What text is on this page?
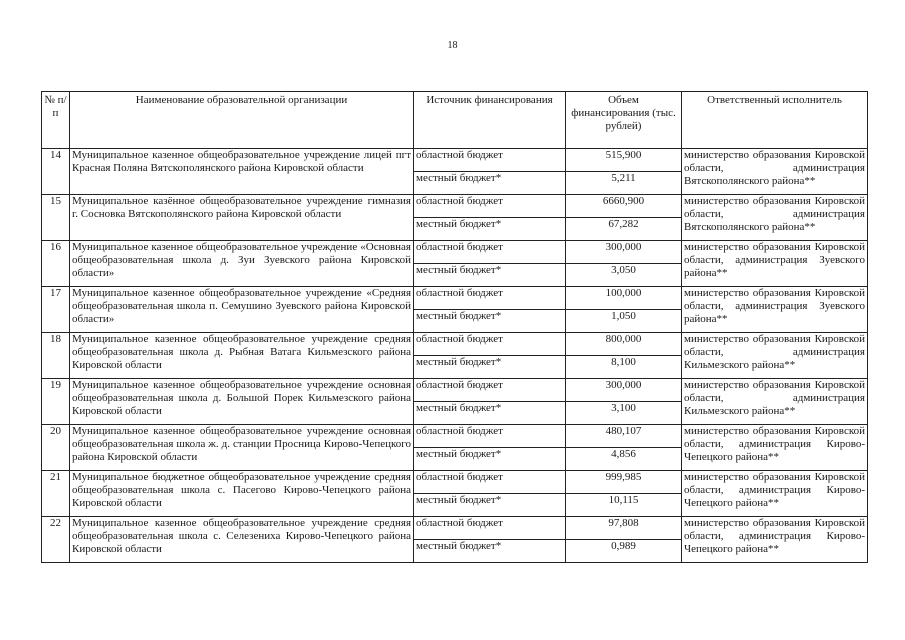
18
№ п/п	Наименование образовательной организации	Источник финансирования	Объем финансирования (тыс. рублей)	Ответственный исполнитель
14	Муниципальное казенное общеобразовательное учреждение лицей пгт Красная Поляна Вятскополянского района Кировской области	областной бюджет	515,900	министерство образования Кировской области, администрация Вятскополянского района**
		местный бюджет*	5,211	
15	Муниципальное казённое общеобразовательное учреждение гимназия г. Сосновка Вятскополянского района Кировской области	областной бюджет	6660,900	министерство образования Кировской области, администрация Вятскополянского района**
		местный бюджет*	67,282	
16	Муниципальное казенное общеобразовательное учреждение «Основная общеобразовательная школа д. Зуи Зуевского района Кировской области»	областной бюджет	300,000	министерство образования Кировской области, администрация Зуевского района**
		местный бюджет*	3,050	
17	Муниципальное казенное общеобразовательное учреждение «Средняя общеобразовательная школа п. Семушино Зуевского района Кировской области»	областной бюджет	100,000	министерство образования Кировской области, администрация Зуевского района**
		местный бюджет*	1,050	
18	Муниципальное казенное общеобразовательное учреждение средняя общеобразовательная школа д. Рыбная Ватага Кильмезского района Кировской области	областной бюджет	800,000	министерство образования Кировской области, администрация Кильмезского района**
		местный бюджет*	8,100	
19	Муниципальное казенное общеобразовательное учреждение основная общеобразовательная школа д. Большой Порек Кильмезского района Кировской области	областной бюджет	300,000	министерство образования Кировской области, администрация Кильмезского района**
		местный бюджет*	3,100	
20	Муниципальное казенное общеобразовательное учреждение основная общеобразовательная школа ж. д. станции Просница Кирово-Чепецкого района Кировской области	областной бюджет	480,107	министерство образования Кировской области, администрация Кирово-Чепецкого района**
		местный бюджет*	4,856	
21	Муниципальное бюджетное общеобразовательное учреждение средняя общеобразовательная школа с. Пасегово Кирово-Чепецкого района Кировской области	областной бюджет	999,985	министерство образования Кировской области, администрация Кирово-Чепецкого района**
		местный бюджет*	10,115	
22	Муниципальное казенное общеобразовательное учреждение средняя общеобразовательная школа с. Селезениха Кирово-Чепецкого района Кировской области	областной бюджет	97,808	министерство образования Кировской области, администрация Кирово-Чепецкого района**
		местный бюджет*	0,989	
